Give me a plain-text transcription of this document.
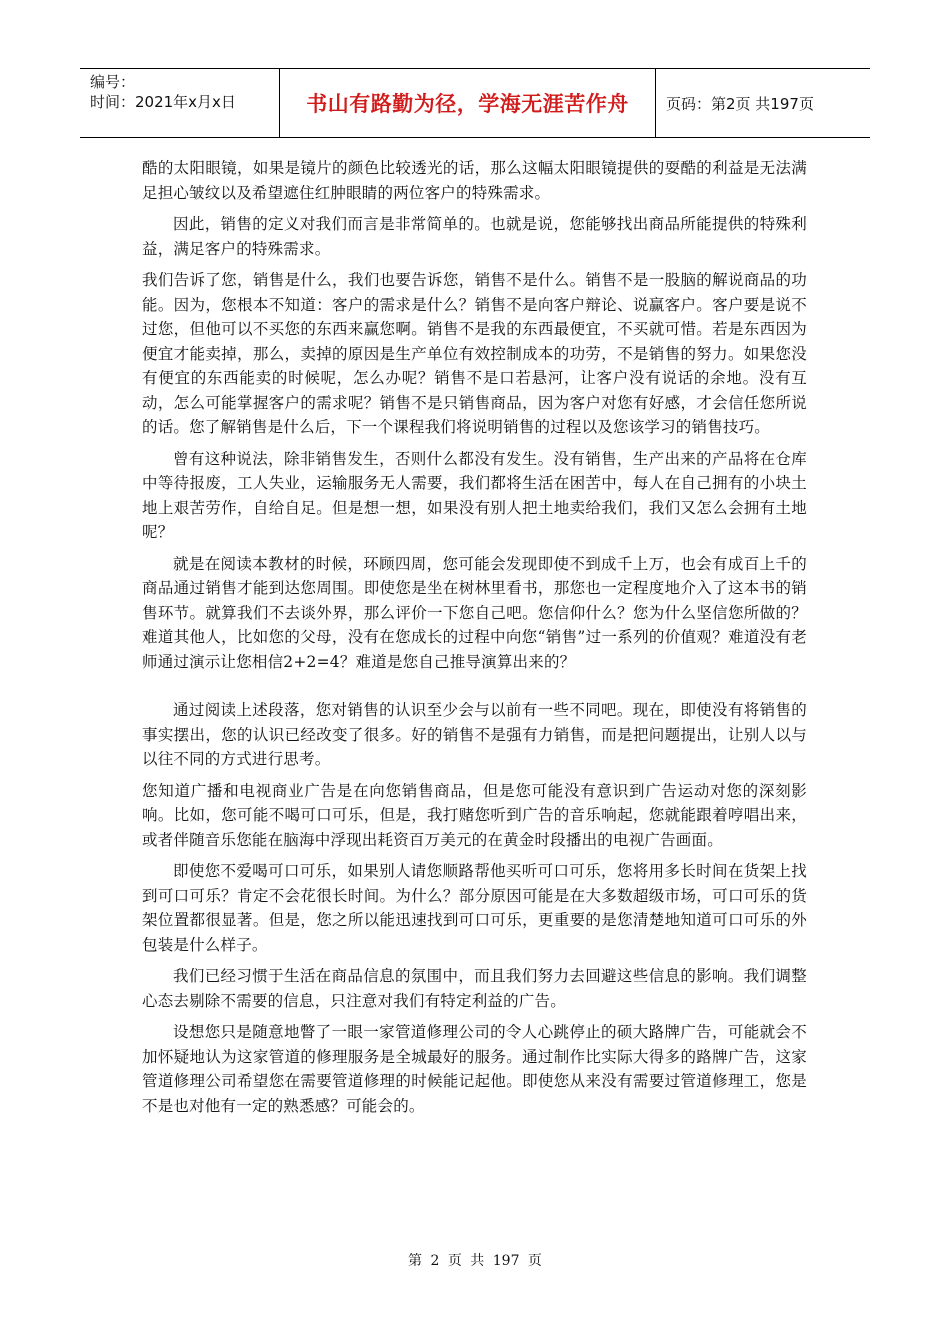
编号：
时间：2021年x月x日	书山有路勤为径，学海无涯苦作舟	页码：第2页 共197页

酷的太阳眼镜，如果是镜片的颜色比较透光的话，那么这幅太阳眼镜提供的耍酷的利益是无法满足担心皱纹以及希望遮住红肿眼睛的两位客户的特殊需求。

因此，销售的定义对我们而言是非常简单的。也就是说，您能够找出商品所能提供的特殊利益，满足客户的特殊需求。

我们告诉了您，销售是什么，我们也要告诉您，销售不是什么。销售不是一股脑的解说商品的功能。因为，您根本不知道：客户的需求是什么？销售不是向客户辩论、说赢客户。客户要是说不过您，但他可以不买您的东西来赢您啊。销售不是我的东西最便宜，不买就可惜。若是东西因为便宜才能卖掉，那么，卖掉的原因是生产单位有效控制成本的功劳，不是销售的努力。如果您没有便宜的东西能卖的时候呢，怎么办呢？销售不是口若悬河，让客户没有说话的余地。没有互动，怎么可能掌握客户的需求呢？销售不是只销售商品，因为客户对您有好感，才会信任您所说的话。您了解销售是什么后，下一个课程我们将说明销售的过程以及您该学习的销售技巧。

曾有这种说法，除非销售发生，否则什么都没有发生。没有销售，生产出来的产品将在仓库中等待报废，工人失业，运输服务无人需要，我们都将生活在困苦中，每人在自己拥有的小块土地上艰苦劳作，自给自足。但是想一想，如果没有别人把土地卖给我们，我们又怎么会拥有土地呢？

就是在阅读本教材的时候，环顾四周，您可能会发现即使不到成千上万，也会有成百上千的商品通过销售才能到达您周围。即使您是坐在树林里看书，那您也一定程度地介入了这本书的销售环节。就算我们不去谈外界，那么评价一下您自己吧。您信仰什么？您为什么坚信您所做的？难道其他人，比如您的父母，没有在您成长的过程中向您“销售”过一系列的价值观？难道没有老师通过演示让您相信2+2=4？难道是您自己推导演算出来的？

通过阅读上述段落，您对销售的认识至少会与以前有一些不同吧。现在，即使没有将销售的事实摆出，您的认识已经改变了很多。好的销售不是强有力销售，而是把问题提出，让别人以与以往不同的方式进行思考。

您知道广播和电视商业广告是在向您销售商品，但是您可能没有意识到广告运动对您的深刻影响。比如，您可能不喝可口可乐，但是，我打赌您听到广告的音乐响起，您就能跟着哼唱出来，或者伴随音乐您能在脑海中浮现出耗资百万美元的在黄金时段播出的电视广告画面。

即使您不爱喝可口可乐，如果别人请您顺路帮他买听可口可乐，您将用多长时间在货架上找到可口可乐？肯定不会花很长时间。为什么？部分原因可能是在大多数超级市场，可口可乐的货架位置都很显著。但是，您之所以能迅速找到可口可乐，更重要的是您清楚地知道可口可乐的外包装是什么样子。

我们已经习惯于生活在商品信息的氛围中，而且我们努力去回避这些信息的影响。我们调整心态去剔除不需要的信息，只注意对我们有特定利益的广告。

设想您只是随意地瞥了一眼一家管道修理公司的令人心跳停止的硕大路牌广告，可能就会不加怀疑地认为这家管道的修理服务是全城最好的服务。通过制作比实际大得多的路牌广告，这家管道修理公司希望您在需要管道修理的时候能记起他。即使您从来没有需要过管道修理工，您是不是也对他有一定的熟悉感？可能会的。

第 2 页 共 197 页
